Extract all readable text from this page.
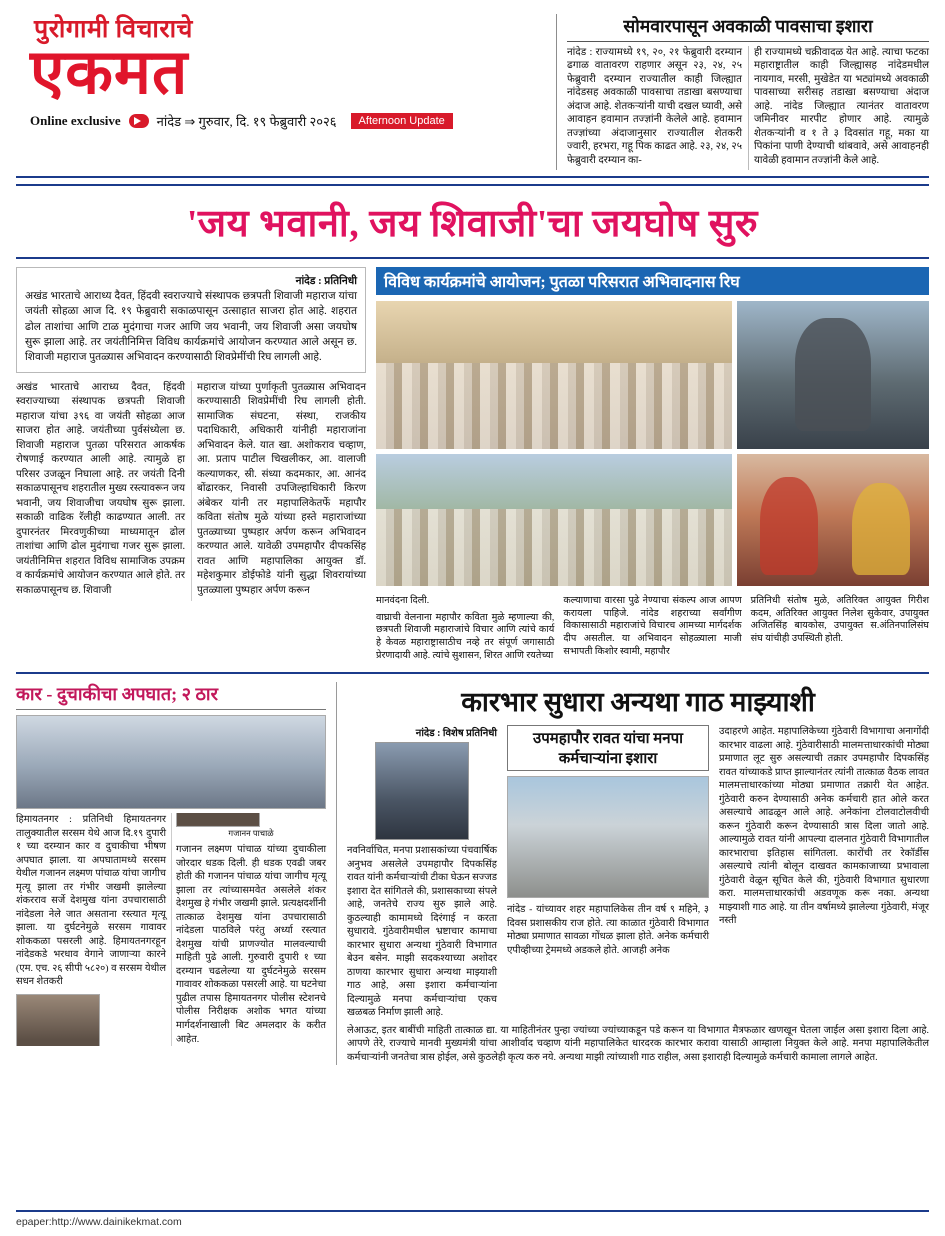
पुरोगामी विचाराचे
एकमत
Online exclusive	नांदेड ⇒ गुरुवार, दि. १९ फेब्रुवारी २०२६	Afternoon Update
सोमवारपासून अवकाळी पावसाचा इशारा

नांदेड : राज्यामध्ये १९, २०, २१ फेब्रुवारी दरम्यान ढगाळ वातावरण राहणार असून २३, २४, २५ फेब्रुवारी दरम्यान राज्यातील काही जिल्ह्यात नांदेडसह अवकाळी पावसाचा तडाखा बसण्याचा अंदाज आहे. शेतकऱ्यांनी याची दखल घ्यावी, असे आवाहन हवामान तज्ज्ञांनी केलेले आहे. हवामान तज्ज्ञांच्या अंदाजानुसार राज्यातील शेतकरी ज्वारी, हरभरा, गहू पिक काढत आहे. २३, २४, २५ फेब्रुवारी दरम्यान का-

ही राज्यामध्ये चक्रीवादळ येत आहे. त्याचा फटका महाराष्ट्रातील काही जिल्ह्यासह नांदेडमधील नायगाव, मरसी, मुखेडेत या भट्यांमध्ये अवकाळी पावसाच्या सरीसह तडाखा बसण्याचा अंदाज आहे. नांदेड जिल्ह्यात त्यानंतर वातावरण जमिनीवर मारपीट होणार आहे. त्यामुळे शेतकऱ्यांनी व १ ते ३ दिवसांत गहू, मका या पिकांना पाणी देण्याची थांबवावे, असे आवाहनही यावेळी हवामान तज्ज्ञांनी केले आहे.

'जय भवानी, जय शिवाजी'चा जयघोष सुरु
नांदेड : प्रतिनिधी
अखंड भारताचे आराध्य दैवत, हिंदवी स्वराज्याचे संस्थापक छत्रपती शिवाजी महाराज यांचा जयंती सोहळा आज दि. १९ फेब्रुवारी सकाळपासून उत्साहात साजरा होत आहे. शहरात ढोल ताशांचा आणि टाळ मुदंगाचा गजर आणि जय भवानी, जय शिवाजी असा जयघोष सुरू झाला आहे. तर जयंतीनिमित्त विविध कार्यक्रमांचे आयोजन करण्यात आले असून छ. शिवाजी महाराज पुतळ्यास अभिवादन करण्यासाठी शिवप्रेमींची रिघ लागली आहे.

अखंड भारताचे आराध्य दैवत, हिंदवी स्वराज्याच्या संस्थापक छत्रपती शिवाजी महाराज यांचा ३९६ वा जयंती सोहळा आज साजरा होत आहे. जयंतीच्या पुर्वसंध्येला छ. शिवाजी महाराज पुतळा परिसरात आकर्षक रोषणाई करण्यात आली आहे. त्यामुळे हा परिसर उजळून निघाला आहे. तर जयंती दिनी सकाळपासूनच शहरातील मुख्य रस्त्यावरून जय भवानी, जय शिवाजीचा जयघोष सुरू झाला. सकाळी वाढिक रॅलीही काढण्यात आली. तर दुपारनंतर मिरवणुकीच्या माध्यमातून ढोल ताशांचा आणि ढोल मुदंगाचा गजर सुरू झाला. जयंतीनिमित्त शहरात विविध सामाजिक उपक्रम व कार्यक्रमांचे आयोजन करण्यात आले होते. तर सकाळपासूनच छ. शिवाजी

महाराज यांच्या पुर्णाकृती पुतळ्यास अभिवादन करण्यासाठी शिवप्रेमींची रिघ लागली होती. सामाजिक संघटना, संस्था, राजकीय पदाधिकारी, अधिकारी यांनीही महाराजांना अभिवादन केले. यात खा. अशोकराव चव्हाण, आ. प्रताप पाटील चिखलीकर, आ. वालाजी कल्याणकर, स्री. संध्या कदमकार, आ. आनंद बोंढारकर, निवासी उपजिल्हाधिकारी किरण अंबेकर यांनी तर महापालिकेतर्फे महापौर कविता संतोष मुळे यांच्या हस्ते महाराजांच्या पुतळ्याच्या पुष्पहार अर्पण करून अभिवादन करण्यात आले. यावेळी उपमहापौर दीपकसिंह रावत आणि महापालिका आयुक्त डॉ. महेशकुमार डोईफोडे यांनी सुद्धा शिवरायांच्या पुतळ्याला पुष्पहार अर्पण करून

विविध कार्यक्रमांचे आयोजन; पुतळा परिसरात अभिवादनास रिघ
मानवंदना दिली.
वाघ्राची वेलनाना महापौर कविता मुळे म्हणाल्या की, छत्रपती शिवाजी महाराजांचे विचार आणि त्यांचे कार्य हे केवळ महाराष्ट्रासाठीच नव्हे तर संपूर्ण जगासाठी प्रेरणादायी आहे. त्यांचे सुशासन, शिरत आणि रयतेच्या
कल्याणाचा वारसा पुढे नेण्याचा संकल्प आज आपण करायला पाहिजे. नांदेड शहराच्या सर्वांगीण विकासासाठी महाराजांचे विचारच आमच्या मार्गदर्शक दीप असतील. या अभिवादन सोहळ्याला माजी सभापती किशोर स्वामी, महापौर
प्रतिनिधी संतोष मुळे, अतिरिक्त आयुक्त गिरीश कदम, अतिरिक्त आयुक्त निलेश सुकेवार, उपायुक्त अजितसिंह बायकोस, उपायुक्त स.अंतिनपालिसंघ संघ यांचीही उपस्थिती होती.
कार - दुचाकीचा अपघात; २ ठार

हिमायतनगर : प्रतिनिधी हिमायतनगर तालुक्यातील सरसम येथे आज दि.१९ दुपारी १ च्या दरम्यान कार व दुचाकीचा भीषण अपघात झाला. या अपघातामध्ये सरसम येथील गजानन लक्ष्मण पांचाळ यांचा जागीच मृत्यू झाला तर गंभीर जखमी झालेल्या शंकरराव सर्जे देशमुख यांना उपचारासाठी नांदेडला नेले जात असताना रस्त्यात मृत्यू झाला. या दुर्घटनेमुळे सरसम गावावर शोककळा पसरली आहे. हिमायतनगरहून नांदेडकडे भरधाव वेगाने जाणाऱ्या कारने (एम. एच. २६ सीपी ५८२०) व सरसम येथील सधन शेतकरी

गजानन पाचाळे

गजानन लक्ष्मण पांचाळ यांच्या दुचाकीला जोरदार धडक दिली. ही धडक एवढी जबर होती की गजानन पांचाळ यांचा जागीच मृत्यू झाला तर त्यांच्यासमवेत असलेले शंकर देशमुख हे गंभीर जखमी झाले. प्रत्यक्षदर्शीनी तात्काळ देशमुख यांना उपचारासाठी नांदेडला पाठविले परंतु अर्ध्या रस्त्यात देशमुख यांची प्राणज्योत मालवल्याची माहिती पुढे आली. गुरुवारी दुपारी १ च्या दरम्यान चढलेल्या या दुर्घटनेमुळे सरसम गावावर शोककळा पसरली आहे. या घटनेचा पुढील तपास हिमायतनगर पोलीस स्टेशनचे पोलीस निरीक्षक अशोक भगत यांच्या मार्गदर्शनाखाली बिट अमलदार के करीत आहेत.

कारभार सुधारा अन्यथा गाठ माझ्याशी
नांदेड : विशेष प्रतिनिधी
नवनिर्वाचित, मनपा प्रशासकांच्या पंचवार्षिक अनुभव असलेले उपमहापौर दिपकसिंह रावत यांनी कर्मचाऱ्यांची टीका घेऊन सज्जड इशारा देत सांगितले की, प्रशासकाच्या संपले आहे, जनतेचे राज्य सुरु झाले आहे. कुठल्याही कामामध्ये दिरंगाई न करता सुधारावे. गुंठेवारीमधील भ्रष्टाचार कामाचा कारभार सुधारा अन्यथा गुंठेवारी विभागात बेउन बसेन. माझी सदकश्याच्या अशोदर ठाणया कारभार सुधारा अन्यथा माझ्याशी गाठ आहे, असा इशारा कर्मचाऱ्यांना दिल्यामुळे मनपा कर्मचाऱ्यांचा एकच खळबळ निर्माण झाली आहे.
उपमहापौर रावत यांचा मनपा कर्मचाऱ्यांना इशारा
नांदेड - यांच्यावर शहर महापालिकेस तीन वर्ष ९ महिने, ३ दिवस प्रशासकीय राज होते. त्या काळात गुंठेवारी विभागात मोठ्या प्रमाणात सावळा गोंधळ झाला होते. अनेक कर्मचारी एपीव्हीच्या ट्रेममध्ये अडकले होते. आजही अनेक
उदाहरणे आहेत. महापालिकेच्या गुंठेवारी विभागाचा अनागोंदी कारभार वाढला आहे. गुंठेवारीसाठी मालमत्ताधारकांची मोठ्या प्रमाणात लूट सुरु असल्याची तक्रार उपमहापौर दिपकसिंह रावत यांच्याकडे प्राप्त झाल्यानंतर त्यांनी तात्काळ वैठक लावत मालमत्ताधारकांच्या मोठ्या प्रमाणात तक्रारी येत आहेत. गुंठेवारी करुन देण्यासाठी अनेक कर्मचारी हात ओले करत असल्याचे आढळून आले आहे. अनेकांना टोलवाटोलवीची करून गुंठेवारी करून देण्यासाठी त्रास दिला जातो आहे. आल्यामुळे रावत यांनी आपल्या दालनात गुंठेवारी विभागातील कारभाराचा इतिहास सांगितला. कारोंची तर रेकॉर्डीस असल्याचे त्यांनी बोलून दाखवत कामकाजाच्या प्रभावाला गुंठेवारी वेळून सूचित केले की, गुंठेवारी विभागात सुधारणा करा. मालमत्ताधारकांची अडवणूक करू नका. अन्यथा माझ्याशी गाठ आहे. या तीन वर्षामध्ये झालेल्या गुंठेवारी, मंजूर नस्ती
लेआऊट, इतर बाबींची माहिती तात्काळ द्या. या माहितीनंतर पुन्हा ज्यांच्या ज्यांच्याकडून पडे करून या विभागात मैत्रफळार खणखून घेतला जाईल असा इशारा दिला आहे. आपणे तेरे, राज्याचे मानवी मुख्यमंत्री यांचा आशीर्वाद चव्हाण यांनी महापालिकेत धारदरक कारभार करावा यासाठी आम्हाला नियुक्त केले आहे. मनपा महापालिकेतील कर्मचाऱ्यांनी जनतेचा त्रास होईल, असे कुठलेही कृत्य करु नये. अन्यथा माझी त्यांच्याशी गाठ राहील, असा इशाराही दिल्यामुळे कर्मचारी कामाला लागले आहेत.
epaper:http://www.dainikekmat.com
